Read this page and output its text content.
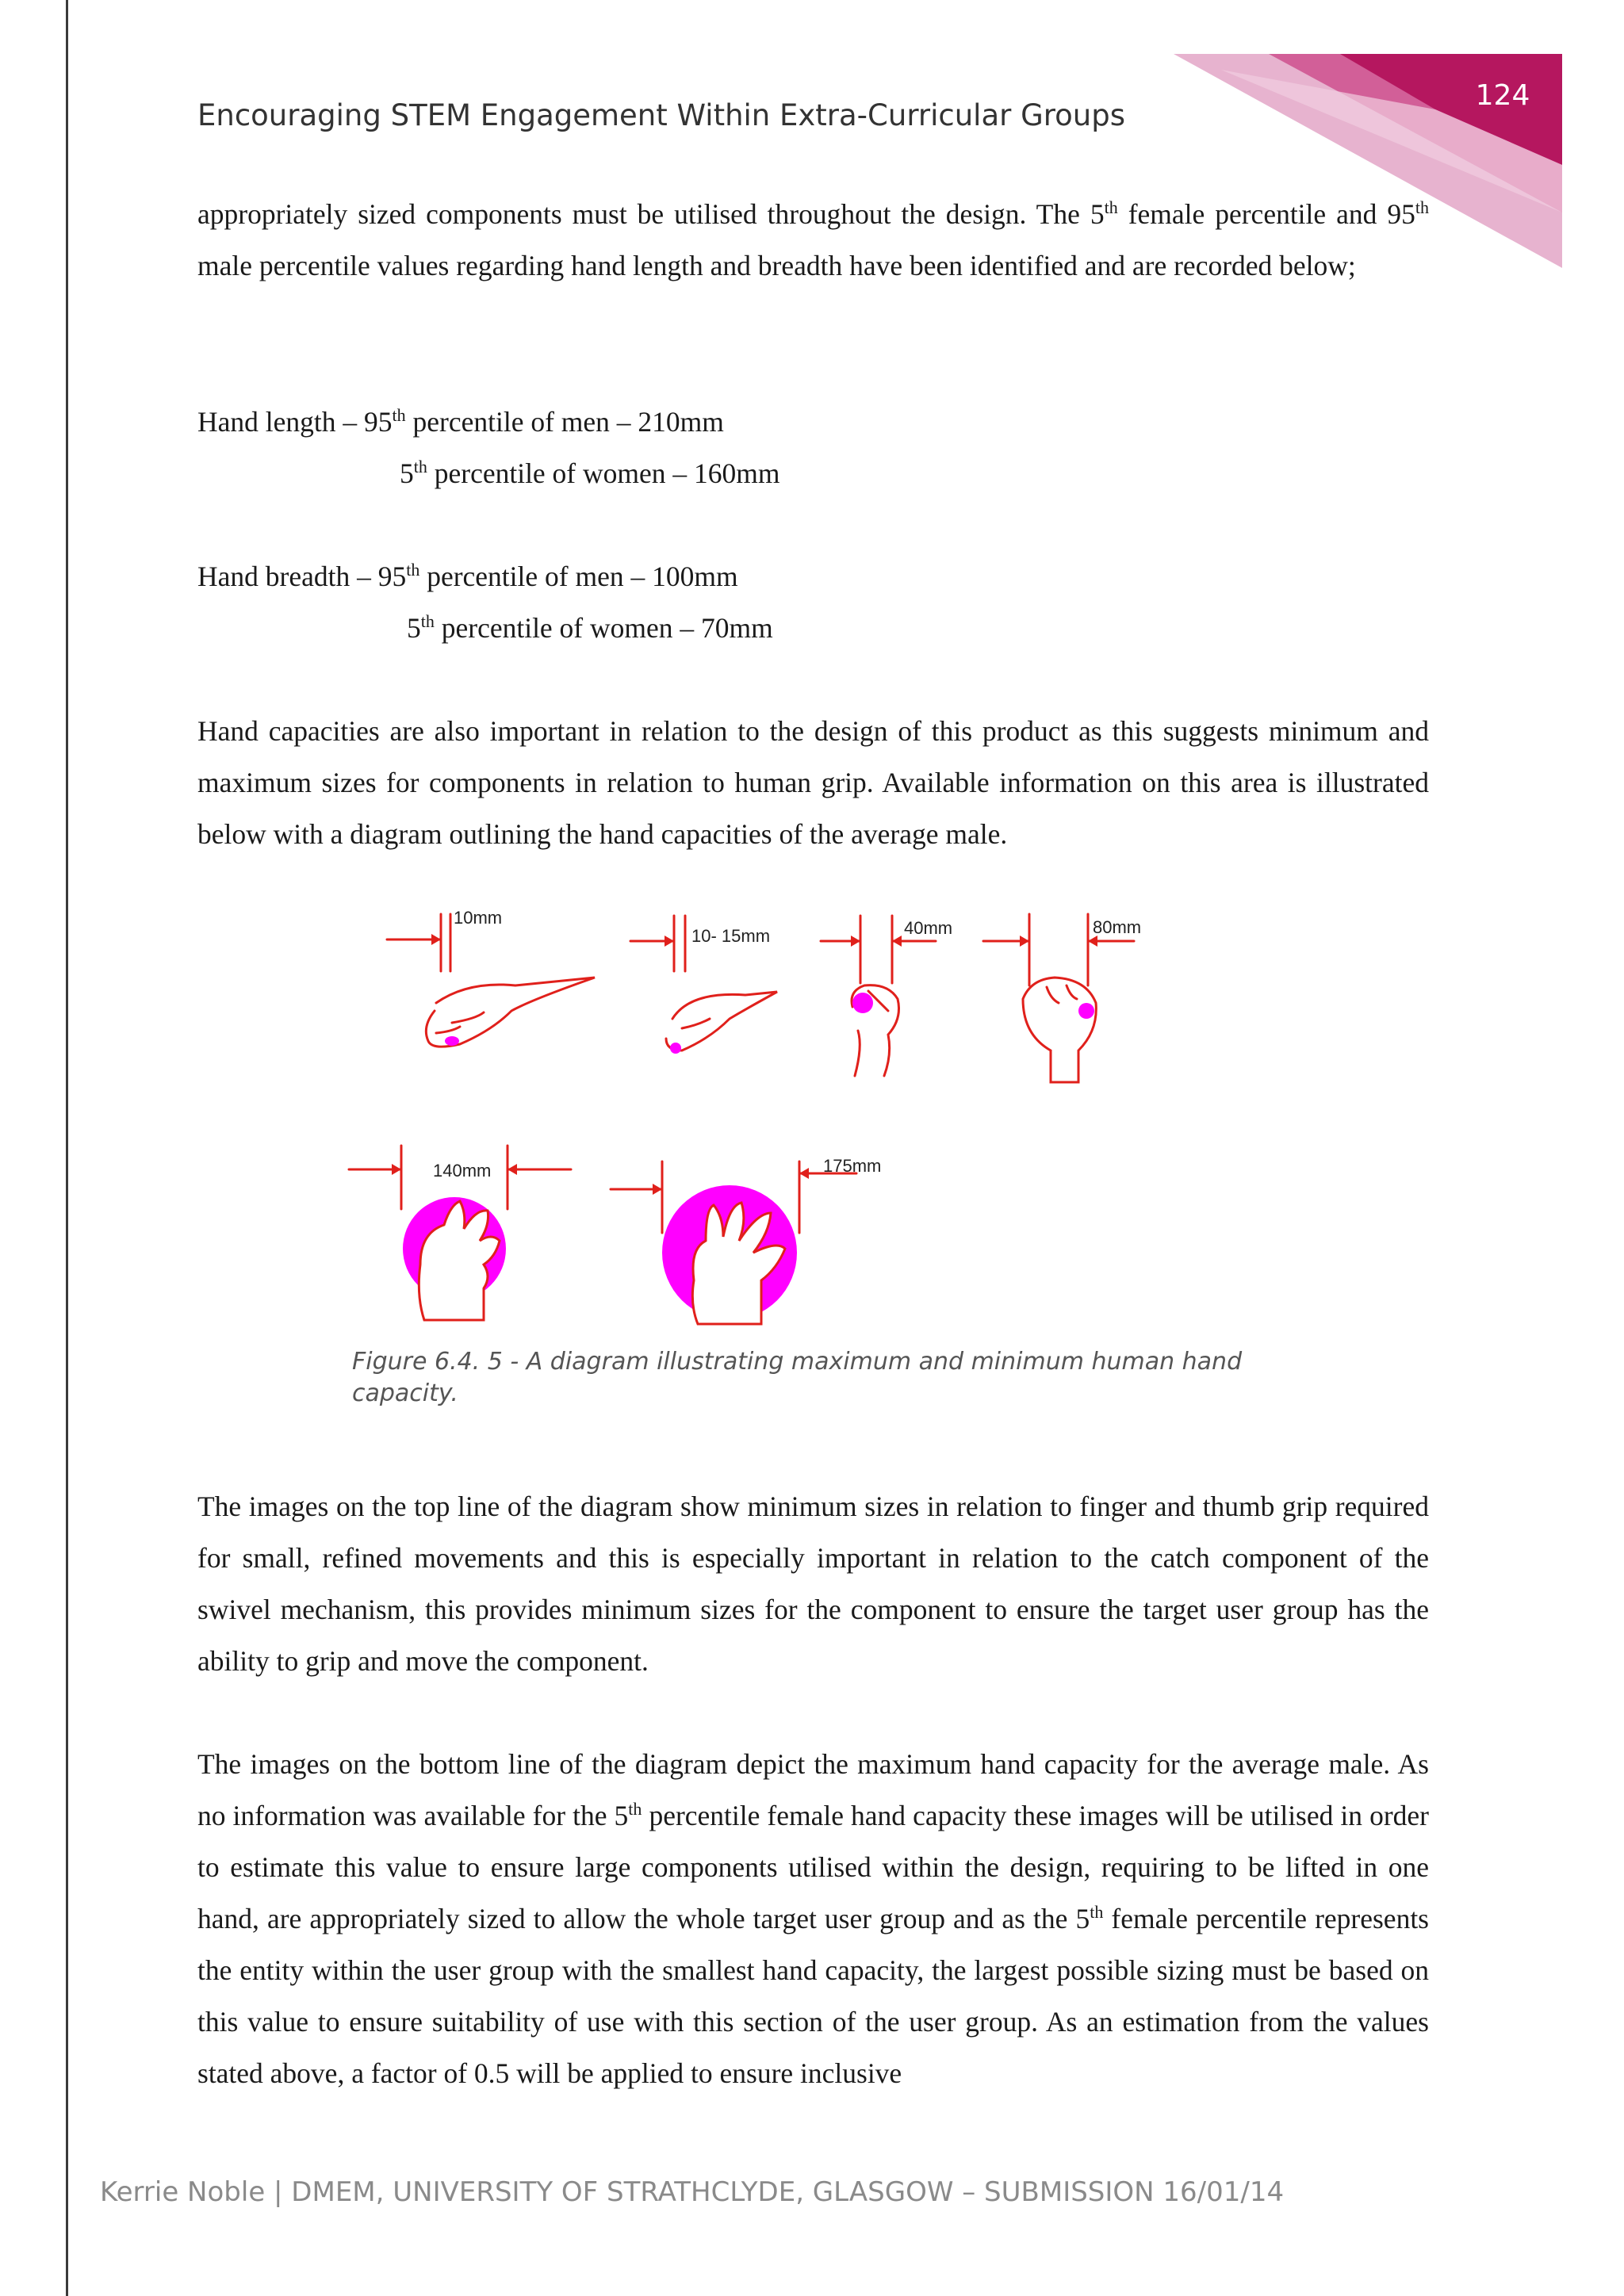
124
Encouraging STEM Engagement Within Extra-Curricular Groups

appropriately sized components must be utilised throughout the design. The 5th female percentile and 95th male percentile values regarding hand length and breadth have been identified and are recorded below;

Hand length – 95th percentile of men – 210mm
5th percentile of women – 160mm
Hand breadth – 95th percentile of men – 100mm
5th percentile of women – 70mm

Hand capacities are also important in relation to the design of this product as this suggests minimum and maximum sizes for components in relation to human grip. Available information on this area is illustrated below with a diagram outlining the hand capacities of the average male.

10mm
10- 15mm	40mm	80mm
140mm	175mm
Figure 6.4. 5 - A diagram illustrating maximum and minimum human hand capacity.

The images on the top line of the diagram show minimum sizes in relation to finger and thumb grip required for small, refined movements and this is especially important in relation to the catch component of the swivel mechanism, this provides minimum sizes for the component to ensure the target user group has the ability to grip and move the component.

The images on the bottom line of the diagram depict the maximum hand capacity for the average male. As no information was available for the 5th percentile female hand capacity these images will be utilised in order to estimate this value to ensure large components utilised within the design, requiring to be lifted in one hand, are appropriately sized to allow the whole target user group and as the 5th female percentile represents the entity within the user group with the smallest hand capacity, the largest possible sizing must be based on this value to ensure suitability of use with this section of the user group. As an estimation from the values stated above, a factor of 0.5 will be applied to ensure inclusive

Kerrie Noble | DMEM, UNIVERSITY OF STRATHCLYDE, GLASGOW – SUBMISSION 16/01/14
